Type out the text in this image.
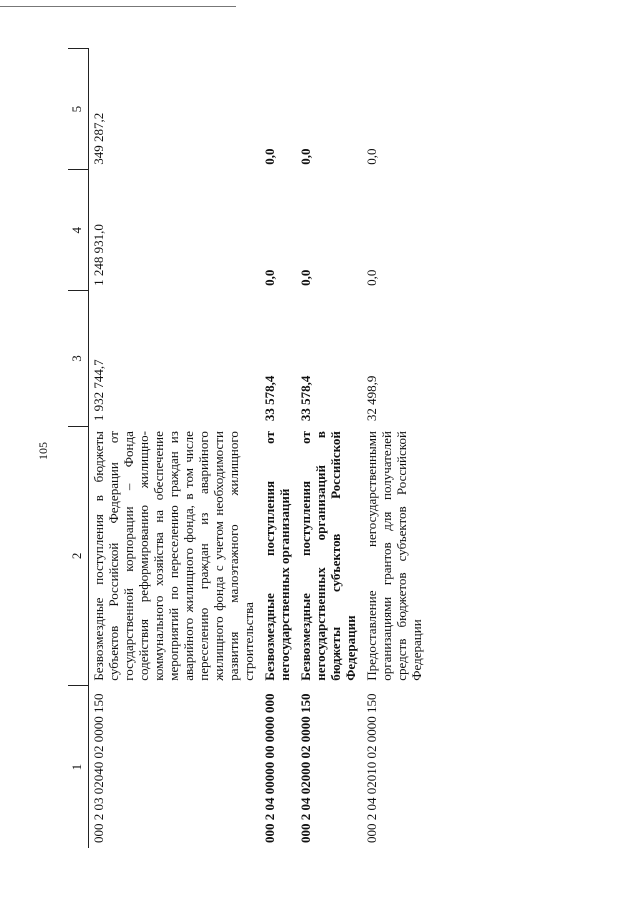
105
1	2	3	4	5
000 2 03 02040 02 0000 150	Безвозмездные поступления в бюджеты субъектов Российской Федерации от государственной корпорации – Фонда содействия реформированию жилищно-коммунального хозяйства на обеспечение мероприятий по переселению граждан из аварийного жилищного фонда, в том числе переселению граждан из аварийного жилищного фонда с учетом необходимости развития малоэтажного жилищного строительства	1 932 744,7	1 248 931,0	349 287,2
000 2 04 00000 00 0000 000	Безвозмездные поступления от негосударственных организаций	33 578,4	0,0	0,0
000 2 04 02000 02 0000 150	Безвозмездные поступления от негосударственных организаций в бюджеты субъектов Российской Федерации	33 578,4	0,0	0,0
000 2 04 02010 02 0000 150	Предоставление негосударственными организациями грантов для получателей средств бюджетов субъектов Российской Федерации	32 498,9	0,0	0,0
